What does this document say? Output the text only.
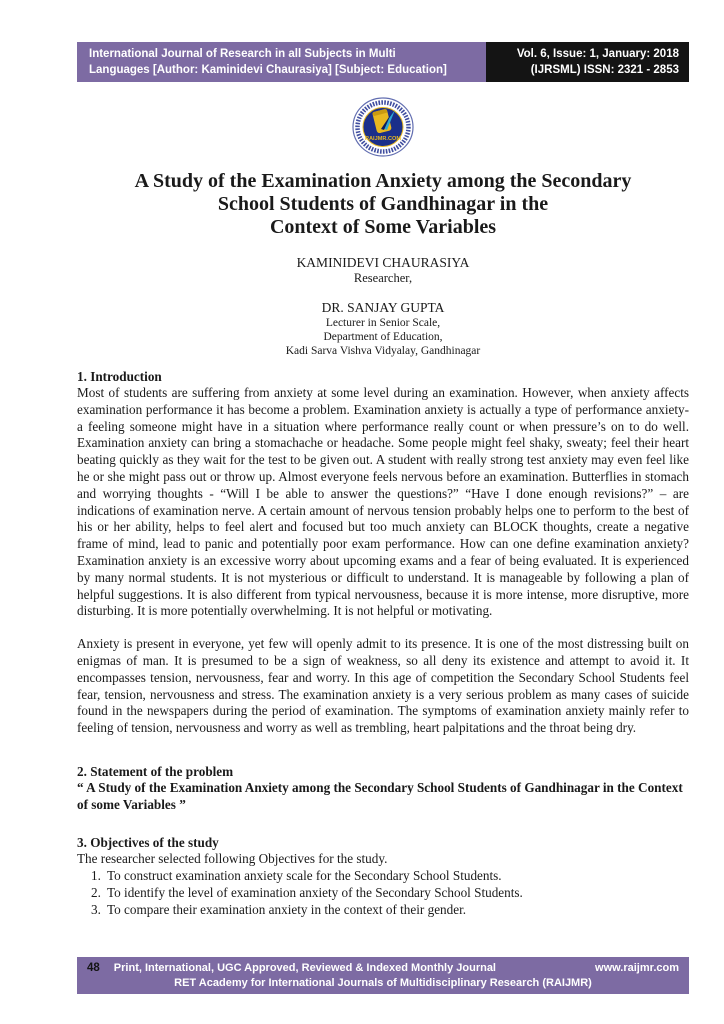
International Journal of Research in all Subjects in Multi
Languages [Author: Kaminidevi Chaurasiya] [Subject: Education]
Vol. 6, Issue: 1, January: 2018
(IJRSML) ISSN: 2321 - 2853
RAIJMR.COM
A Study of the Examination Anxiety among the Secondary
School Students of Gandhinagar in the
Context of Some Variables
KAMINIDEVI CHAURASIYA
Researcher,
DR. SANJAY GUPTA
Lecturer in Senior Scale,
Department of Education,
Kadi Sarva Vishva Vidyalay, Gandhinagar
1. Introduction
Most of students are suffering from anxiety at some level during an examination. However, when anxiety affects examination performance it has become a problem. Examination anxiety is actually a type of performance anxiety-a feeling someone might have in a situation where performance really count or when pressure’s on to do well. Examination anxiety can bring a stomachache or headache. Some people might feel shaky, sweaty; feel their heart beating quickly as they wait for the test to be given out. A student with really strong test anxiety may even feel like he or she might pass out or throw up. Almost everyone feels nervous before an examination. Butterflies in stomach and worrying thoughts - “Will I be able to answer the questions?” “Have I done enough revisions?” – are indications of examination nerve. A certain amount of nervous tension probably helps one to perform to the best of his or her ability, helps to feel alert and focused but too much anxiety can BLOCK thoughts, create a negative frame of mind, lead to panic and potentially poor exam performance. How can one define examination anxiety? Examination anxiety is an excessive worry about upcoming exams and a fear of being evaluated. It is experienced by many normal students. It is not mysterious or difficult to understand. It is manageable by following a plan of helpful suggestions. It is also different from typical nervousness, because it is more intense, more disruptive, more disturbing. It is more potentially overwhelming. It is not helpful or motivating.
Anxiety is present in everyone, yet few will openly admit to its presence. It is one of the most distressing built on enigmas of man. It is presumed to be a sign of weakness, so all deny its existence and attempt to avoid it. It encompasses tension, nervousness, fear and worry. In this age of competition the Secondary School Students feel fear, tension, nervousness and stress. The examination anxiety is a very serious problem as many cases of suicide found in the newspapers during the period of examination. The symptoms of examination anxiety mainly refer to feeling of tension, nervousness and worry as well as trembling, heart palpitations and the throat being dry.
2. Statement of the problem
“ A Study of the Examination Anxiety among the Secondary School Students of Gandhinagar in the Context of some Variables ”
3. Objectives of the study
The researcher selected following Objectives for the study.
1. To construct examination anxiety scale for the Secondary School Students.
2. To identify the level of examination anxiety of the Secondary School Students.
3. To compare their examination anxiety in the context of their gender.
48 Print, International, UGC Approved, Reviewed & Indexed Monthly Journal	www.raijmr.com
RET Academy for International Journals of Multidisciplinary Research (RAIJMR)
